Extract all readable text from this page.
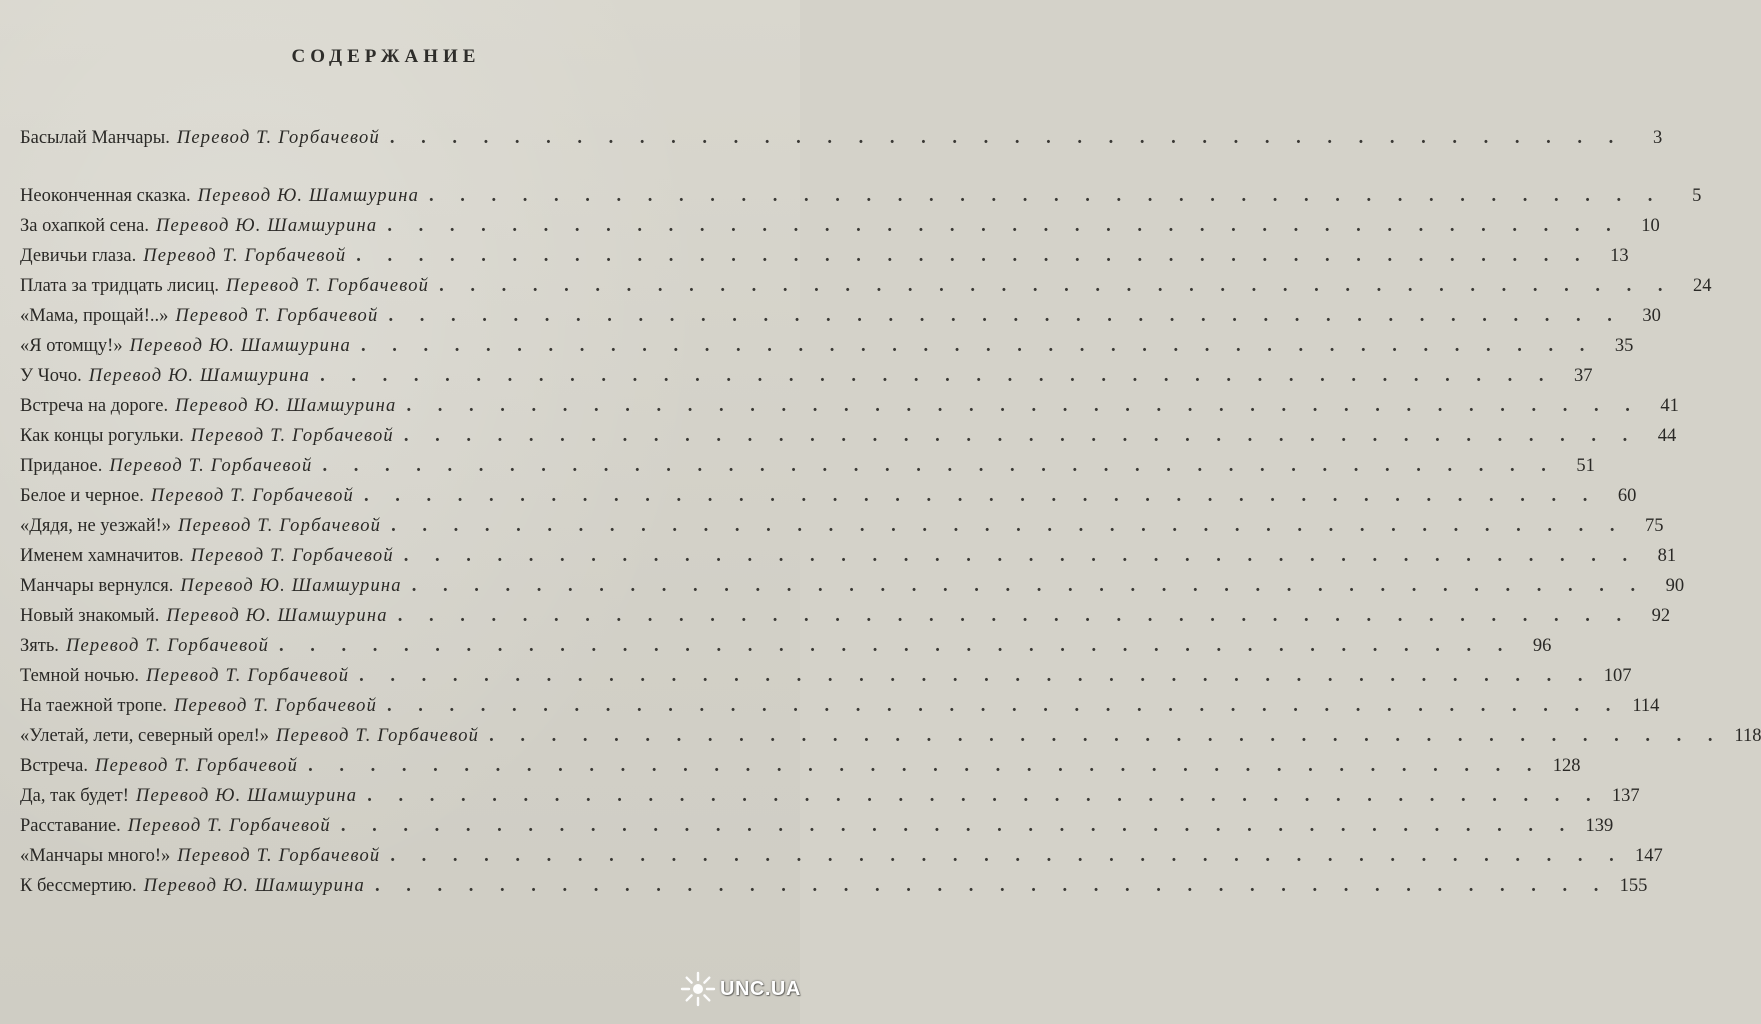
СОДЕРЖАНИЕ
Басылай Манчары. Перевод Т. Горбачевой . . . . . . . . . . . . . . . . . . . . . . . . . . . . . . . . . . . . . . . .	3
Неоконченная сказка. Перевод Ю. Шамшурина . . . . . . . . . . . . . . . . . . . . . . . . . . . . . . . . . . . . . . . .	5
За охапкой сена. Перевод Ю. Шамшурина . . . . . . . . . . . . . . . . . . . . . . . . . . . . . . . . . . . . . . . .	10
Девичьи глаза. Перевод Т. Горбачевой . . . . . . . . . . . . . . . . . . . . . . . . . . . . . . . . . . . . . . . .	13
Плата за тридцать лисиц. Перевод Т. Горбачевой . . . . . . . . . . . . . . . . . . . . . . . . . . . . . . . . . . . . . . . .	24
«Мама, прощай!..» Перевод Т. Горбачевой . . . . . . . . . . . . . . . . . . . . . . . . . . . . . . . . . . . . . . . .	30
«Я отомщу!» Перевод Ю. Шамшурина . . . . . . . . . . . . . . . . . . . . . . . . . . . . . . . . . . . . . . . .	35
У Чочо. Перевод Ю. Шамшурина . . . . . . . . . . . . . . . . . . . . . . . . . . . . . . . . . . . . . . . .	37
Встреча на дороге. Перевод Ю. Шамшурина . . . . . . . . . . . . . . . . . . . . . . . . . . . . . . . . . . . . . . . .	41
Как концы рогульки. Перевод Т. Горбачевой . . . . . . . . . . . . . . . . . . . . . . . . . . . . . . . . . . . . . . . .	44
Приданое. Перевод Т. Горбачевой . . . . . . . . . . . . . . . . . . . . . . . . . . . . . . . . . . . . . . . .	51
Белое и черное. Перевод Т. Горбачевой . . . . . . . . . . . . . . . . . . . . . . . . . . . . . . . . . . . . . . . .	60
«Дядя, не уезжай!» Перевод Т. Горбачевой . . . . . . . . . . . . . . . . . . . . . . . . . . . . . . . . . . . . . . . .	75
Именем хамначитов. Перевод Т. Горбачевой . . . . . . . . . . . . . . . . . . . . . . . . . . . . . . . . . . . . . . . .	81
Манчары вернулся. Перевод Ю. Шамшурина . . . . . . . . . . . . . . . . . . . . . . . . . . . . . . . . . . . . . . . .	90
Новый знакомый. Перевод Ю. Шамшурина . . . . . . . . . . . . . . . . . . . . . . . . . . . . . . . . . . . . . . . .	92
Зять. Перевод Т. Горбачевой . . . . . . . . . . . . . . . . . . . . . . . . . . . . . . . . . . . . . . . .	96
Темной ночью. Перевод Т. Горбачевой . . . . . . . . . . . . . . . . . . . . . . . . . . . . . . . . . . . . . . . . 107
На таежной тропе. Перевод Т. Горбачевой . . . . . . . . . . . . . . . . . . . . . . . . . . . . . . . . . . . . . . . . 114
«Улетай, лети, северный орел!» Перевод Т. Горбачевой . . . . . . . . . . . . . . . . . . . . . . . . . . . . . . . . . . . . . . . . 118
Встреча. Перевод Т. Горбачевой . . . . . . . . . . . . . . . . . . . . . . . . . . . . . . . . . . . . . . . . 128
Да, так будет! Перевод Ю. Шамшурина . . . . . . . . . . . . . . . . . . . . . . . . . . . . . . . . . . . . . . . . 137
Расставание. Перевод Т. Горбачевой . . . . . . . . . . . . . . . . . . . . . . . . . . . . . . . . . . . . . . . . 139
«Манчары много!» Перевод Т. Горбачевой . . . . . . . . . . . . . . . . . . . . . . . . . . . . . . . . . . . . . . . . 147
К бессмертию. Перевод Ю. Шамшурина . . . . . . . . . . . . . . . . . . . . . . . . . . . . . . . . . . . . . . . . 155
UNC.UA
